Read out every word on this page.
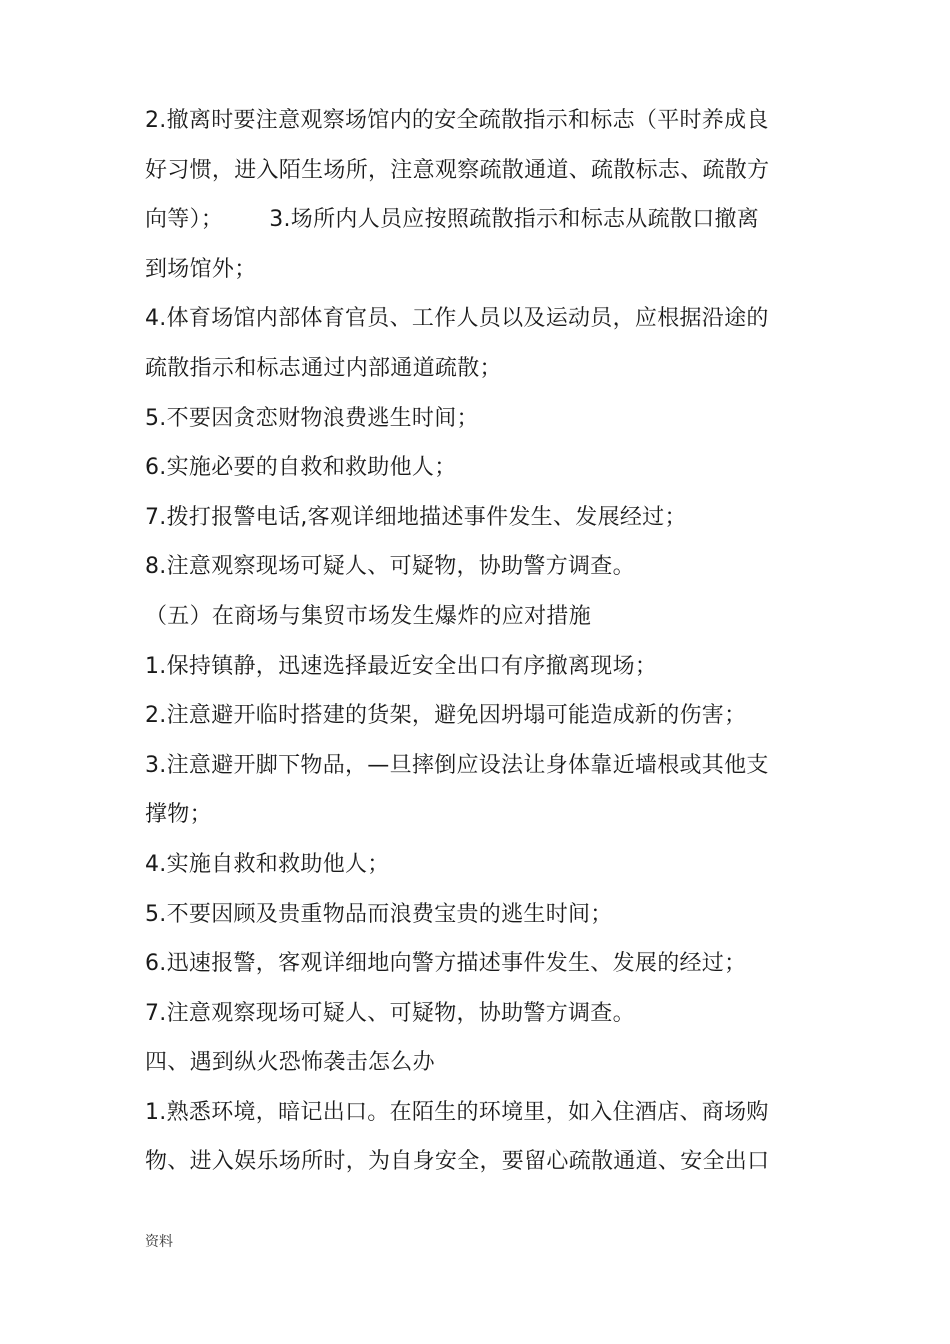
2.撤离时要注意观察场馆内的安全疏散指示和标志（平时养成良
好习惯，进入陌生场所，注意观察疏散通道、疏散标志、疏散方
向等）； 3.场所内人员应按照疏散指示和标志从疏散口撤离
到场馆外；
4.体育场馆内部体育官员、工作人员以及运动员，应根据沿途的
疏散指示和标志通过内部通道疏散；
5.不要因贪恋财物浪费逃生时间；
6.实施必要的自救和救助他人；
7.拨打报警电话,客观详细地描述事件发生、发展经过；
8.注意观察现场可疑人、可疑物，协助警方调查。
（五）在商场与集贸市场发生爆炸的应对措施
1.保持镇静，迅速选择最近安全出口有序撤离现场；
2.注意避开临时搭建的货架，避免因坍塌可能造成新的伤害；
3.注意避开脚下物品，—旦摔倒应设法让身体靠近墙根或其他支
撑物；
4.实施自救和救助他人；
5.不要因顾及贵重物品而浪费宝贵的逃生时间；
6.迅速报警，客观详细地向警方描述事件发生、发展的经过；
7.注意观察现场可疑人、可疑物，协助警方调查。
四、遇到纵火恐怖袭击怎么办
1.熟悉环境，暗记出口。在陌生的环境里，如入住酒店、商场购
物、进入娱乐场所时，为自身安全，要留心疏散通道、安全出口
资料
